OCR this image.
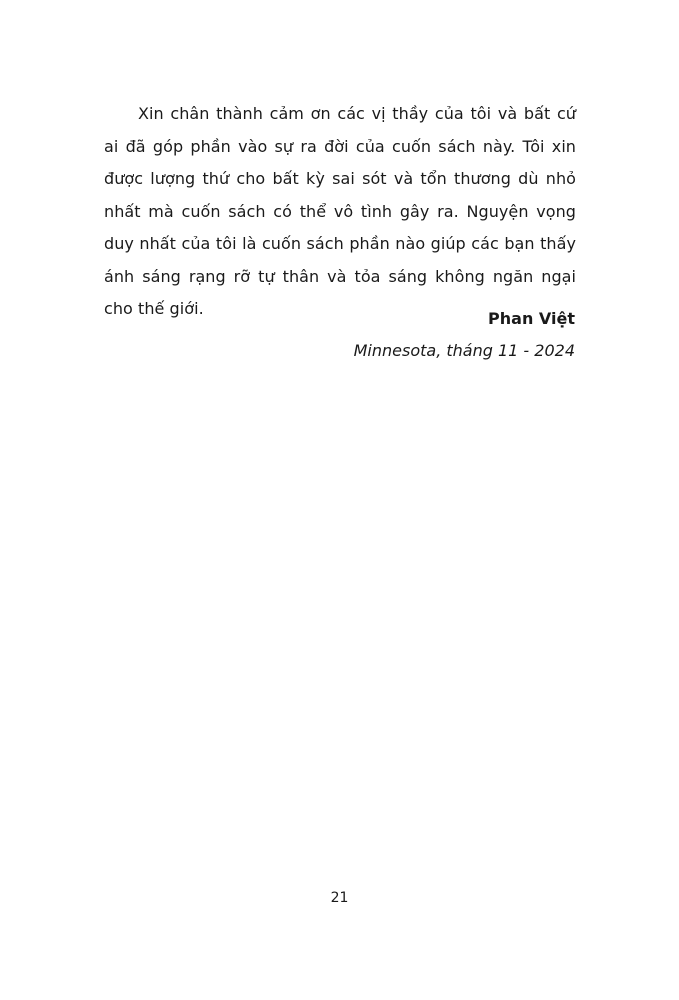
Xin chân thành cảm ơn các vị thầy của tôi và bất cứ ai đã góp phần vào sự ra đời của cuốn sách này. Tôi xin được lượng thứ cho bất kỳ sai sót và tổn thương dù nhỏ nhất mà cuốn sách có thể vô tình gây ra. Nguyện vọng duy nhất của tôi là cuốn sách phần nào giúp các bạn thấy ánh sáng rạng rỡ tự thân và tỏa sáng không ngăn ngại cho thế giới.

Phan Việt
Minnesota, tháng 11 - 2024
21
